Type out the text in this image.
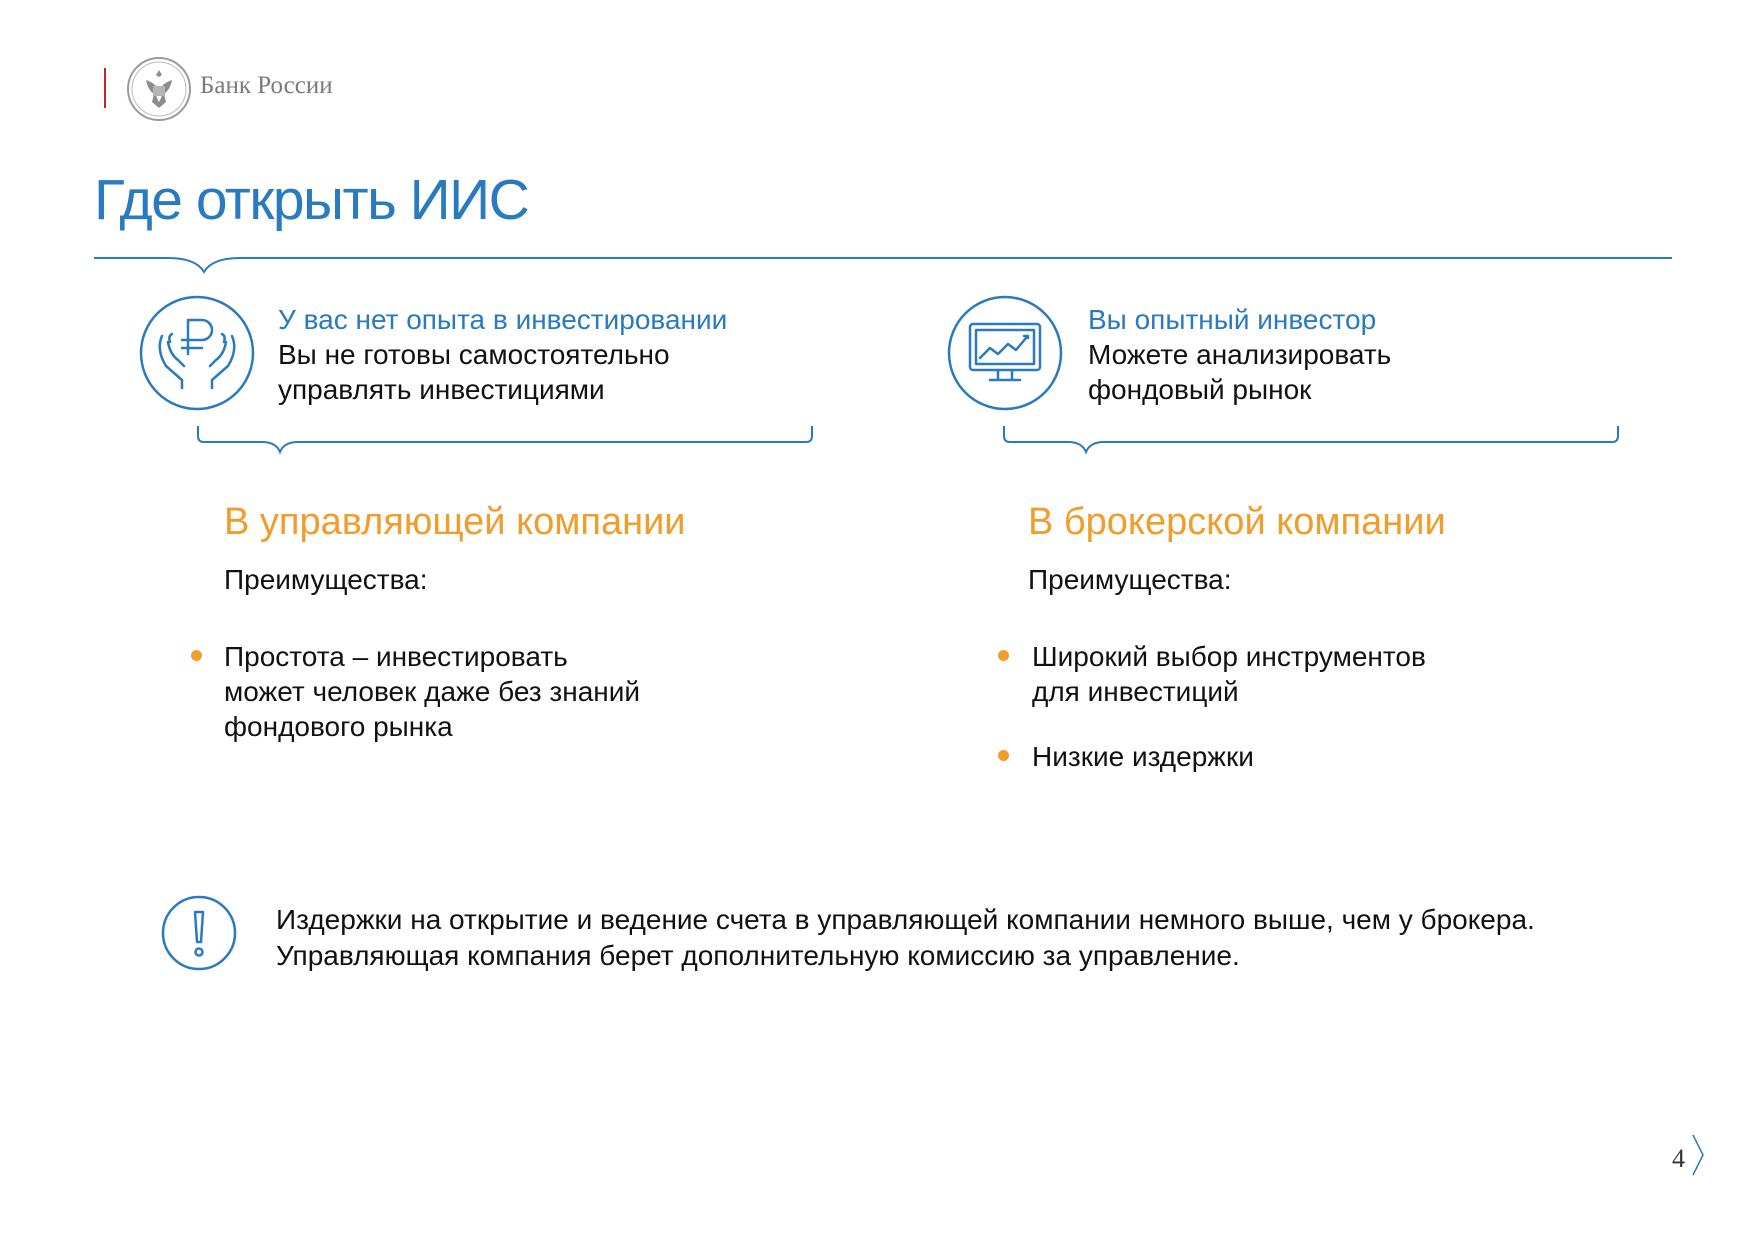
Банк России
Где открыть ИИС
У вас нет опыта в инвестировании
Вы не готовы самостоятельно
управлять инвестициями
В управляющей компании
Преимущества:
Простота – инвестировать
может человек даже без знаний
фондового рынка
Вы опытный инвестор
Можете анализировать
фондовый рынок
В брокерской компании
Преимущества:
Широкий выбор инструментов
для инвестиций
Низкие издержки
Издержки на открытие и ведение счета в управляющей компании немного выше, чем у брокера.
Управляющая компания берет дополнительную комиссию за управление.
4
